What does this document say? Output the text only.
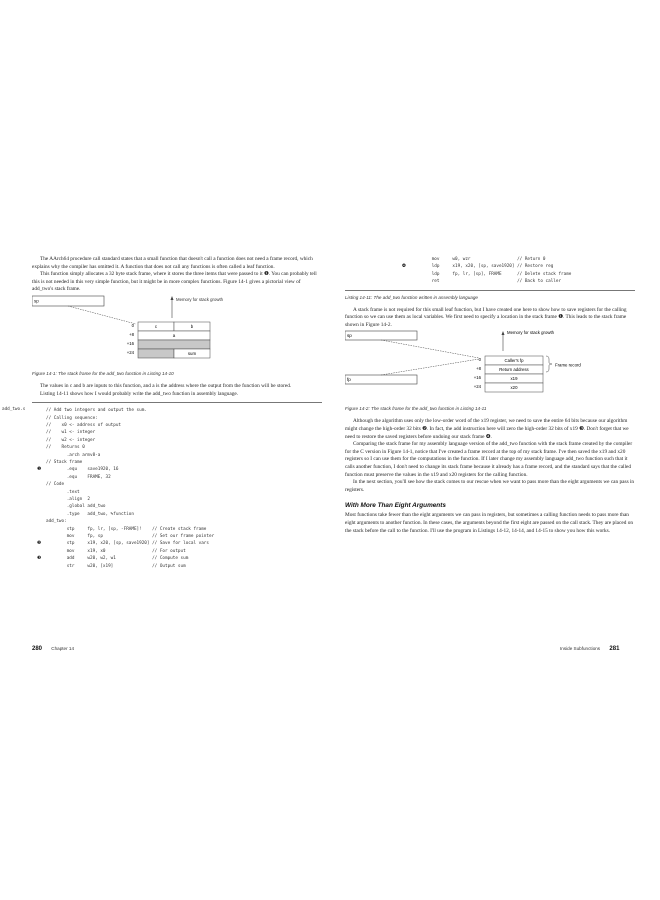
The AArch64 procedure call standard states that a small function that doesn't call a function does not need a frame record, which explains why the compiler has omitted it. A function that does not call any functions is often called a leaf function.

This function simply allocates a 32 byte stack frame, where it stores the three items that were passed to it ❶. You can probably tell this is not needed in this very simple function, but it might be in more complex functions. Figure 14-1 gives a pictorial view of add_two's stack frame.

sp	Memory for stack growth
0
+8
+16
+24
c	b
a
sum

Figure 14-1: The stack frame for the add_two function in Listing 14-10

The values in c and b are inputs to this function, and a is the address where the output from the function will be stored.

Listing 14-11 shows how I would probably write the add_two function in assembly language.

add_two.s	// Add two integers and output the sum.
// Calling sequence:
//    x0 <- address of output
//    w1 <- integer
//    w2 <- integer
//    Returns 0
.arch armv8-a
// Stack frame
❶	.equ    save1920, 16
.equ    FRAME, 32
// Code
.text
.align  2
.global add_two
.type   add_two, %function
add_two:
stp     fp, lr, [sp, -FRAME]!    // Create stack frame
mov     fp, sp                   // Set our frame pointer
❷	stp     x19, x20, [sp, save1920] // Save for local vars
mov     x19, x0                  // For output
❸	add     w20, w2, w1              // Compute sum
str     w20, [x19]               // Output sum
280 Chapter 14
mov     w0, wzr                  // Return 0
❹	ldp     x19, x20, [sp, save1920] // Restore reg
ldp     fp, lr, [sp], FRAME      // Delete stack frame
ret                              // Back to caller

Listing 14-11: The add_two function written in assembly language

A stack frame is not required for this small leaf function, but I have created one here to show how to save registers for the calling function so we can use them as local variables. We first need to specify a location in the stack frame ❶. This leads to the stack frame shown in Figure 14-2.

sp
fp
Memory for stack growth
0
+8
+16
+24
Caller's fp
Return address
x19
x20
Frame record

Figure 14-2: The stack frame for the add_two function in Listing 14-11

Although the algorithm uses only the low-order word of the x19 register, we need to save the entire 64 bits because our algorithm might change the high-order 32 bits ❷. In fact, the add instruction here will zero the high-order 32 bits of x19 ❸. Don't forget that we need to restore the saved registers before undoing our stack frame ❹.

Comparing the stack frame for my assembly language version of the add_two function with the stack frame created by the compiler for the C version in Figure 14-1, notice that I've created a frame record at the top of my stack frame. I've then saved the x19 and x20 registers so I can use them for the computations in the function. If I later change my assembly language add_two function such that it calls another function, I don't need to change its stack frame because it already has a frame record, and the standard says that the called function must preserve the values in the x19 and x20 registers for the calling function.

In the next section, you'll see how the stack comes to our rescue when we want to pass more than the eight arguments we can pass in registers.

With More Than Eight Arguments

Most functions take fewer than the eight arguments we can pass in registers, but sometimes a calling function needs to pass more than eight arguments to another function. In these cases, the arguments beyond the first eight are passed on the call stack. They are placed on the stack before the call to the function. I'll use the program in Listings 14-12, 14-14, and 14-15 to show you how this works.

Inside Subfunctions 281
